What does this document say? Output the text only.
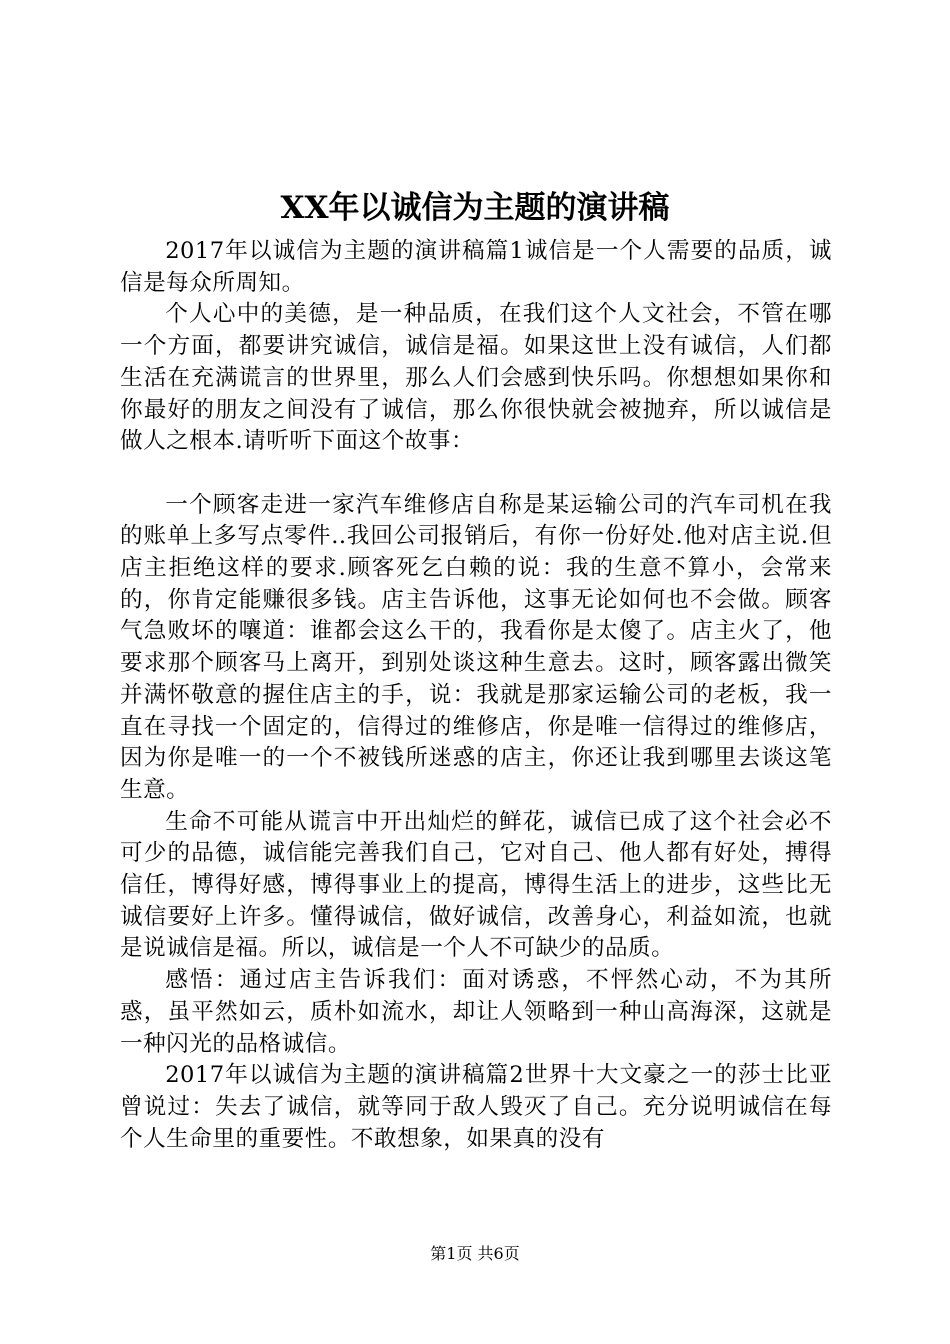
XX年以诚信为主题的演讲稿

2017年以诚信为主题的演讲稿篇1诚信是一个人需要的品质，诚信是每众所周知。

个人心中的美德，是一种品质，在我们这个人文社会，不管在哪一个方面，都要讲究诚信，诚信是福。如果这世上没有诚信，人们都生活在充满谎言的世界里，那么人们会感到快乐吗。你想想如果你和你最好的朋友之间没有了诚信，那么你很快就会被抛弃，所以诚信是做人之根本.请听听下面这个故事：

一个顾客走进一家汽车维修店自称是某运输公司的汽车司机在我的账单上多写点零件..我回公司报销后，有你一份好处.他对店主说.但店主拒绝这样的要求.顾客死乞白赖的说：我的生意不算小，会常来的，你肯定能赚很多钱。店主告诉他，这事无论如何也不会做。顾客气急败坏的嚷道：谁都会这么干的，我看你是太傻了。店主火了，他要求那个顾客马上离开，到别处谈这种生意去。这时，顾客露出微笑并满怀敬意的握住店主的手，说：我就是那家运输公司的老板，我一直在寻找一个固定的，信得过的维修店，你是唯一信得过的维修店，因为你是唯一的一个不被钱所迷惑的店主，你还让我到哪里去谈这笔生意。

生命不可能从谎言中开出灿烂的鲜花，诚信已成了这个社会必不可少的品德，诚信能完善我们自己，它对自己、他人都有好处，搏得信任，博得好感，博得事业上的提高，博得生活上的进步，这些比无诚信要好上许多。懂得诚信，做好诚信，改善身心，利益如流，也就是说诚信是福。所以，诚信是一个人不可缺少的品质。

感悟：通过店主告诉我们：面对诱惑，不怦然心动，不为其所惑，虽平然如云，质朴如流水，却让人领略到一种山高海深，这就是一种闪光的品格诚信。

2017年以诚信为主题的演讲稿篇2世界十大文豪之一的莎士比亚曾说过：失去了诚信，就等同于敌人毁灭了自己。充分说明诚信在每个人生命里的重要性。不敢想象，如果真的没有

第1页 共6页
